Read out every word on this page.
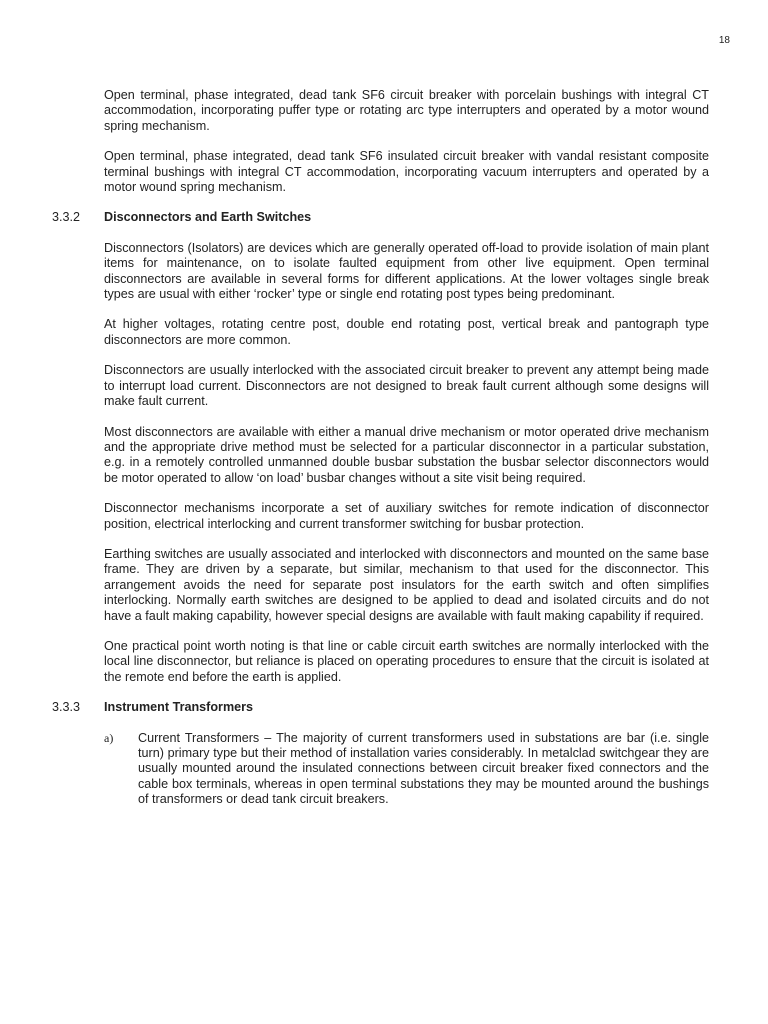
18

Open terminal, phase integrated, dead tank SF6 circuit breaker with porcelain bushings with integral CT accommodation, incorporating puffer type or rotating arc type interrupters and operated by a motor wound spring mechanism.

Open terminal, phase integrated, dead tank SF6 insulated circuit breaker with vandal resistant composite terminal bushings with integral CT accommodation, incorporating vacuum interrupters and operated by a motor wound spring mechanism.

3.3.2	Disconnectors and Earth Switches

Disconnectors (Isolators) are devices which are generally operated off-load to provide isolation of main plant items for maintenance, on to isolate faulted equipment from other live equipment. Open terminal disconnectors are available in several forms for different applications. At the lower voltages single break types are usual with either ‘rocker’ type or single end rotating post types being predominant.

At higher voltages, rotating centre post, double end rotating post, vertical break and pantograph type disconnectors are more common.

Disconnectors are usually interlocked with the associated circuit breaker to prevent any attempt being made to interrupt load current. Disconnectors are not designed to break fault current although some designs will make fault current.

Most disconnectors are available with either a manual drive mechanism or motor operated drive mechanism and the appropriate drive method must be selected for a particular disconnector in a particular substation, e.g. in a remotely controlled unmanned double busbar substation the busbar selector disconnectors would be motor operated to allow ‘on load’ busbar changes without a site visit being required.

Disconnector mechanisms incorporate a set of auxiliary switches for remote indication of disconnector position, electrical interlocking and current transformer switching for busbar protection.

Earthing switches are usually associated and interlocked with disconnectors and mounted on the same base frame. They are driven by a separate, but similar, mechanism to that used for the disconnector. This arrangement avoids the need for separate post insulators for the earth switch and often simplifies interlocking. Normally earth switches are designed to be applied to dead and isolated circuits and do not have a fault making capability, however special designs are available with fault making capability if required.

One practical point worth noting is that line or cable circuit earth switches are normally interlocked with the local line disconnector, but reliance is placed on operating procedures to ensure that the circuit is isolated at the remote end before the earth is applied.

3.3.3	Instrument Transformers
a)	Current Transformers – The majority of current transformers used in substations are bar (i.e. single turn) primary type but their method of installation varies considerably. In metalclad switchgear they are usually mounted around the insulated connections between circuit breaker fixed connectors and the cable box terminals, whereas in open terminal substations they may be mounted around the bushings of transformers or dead tank circuit breakers.
